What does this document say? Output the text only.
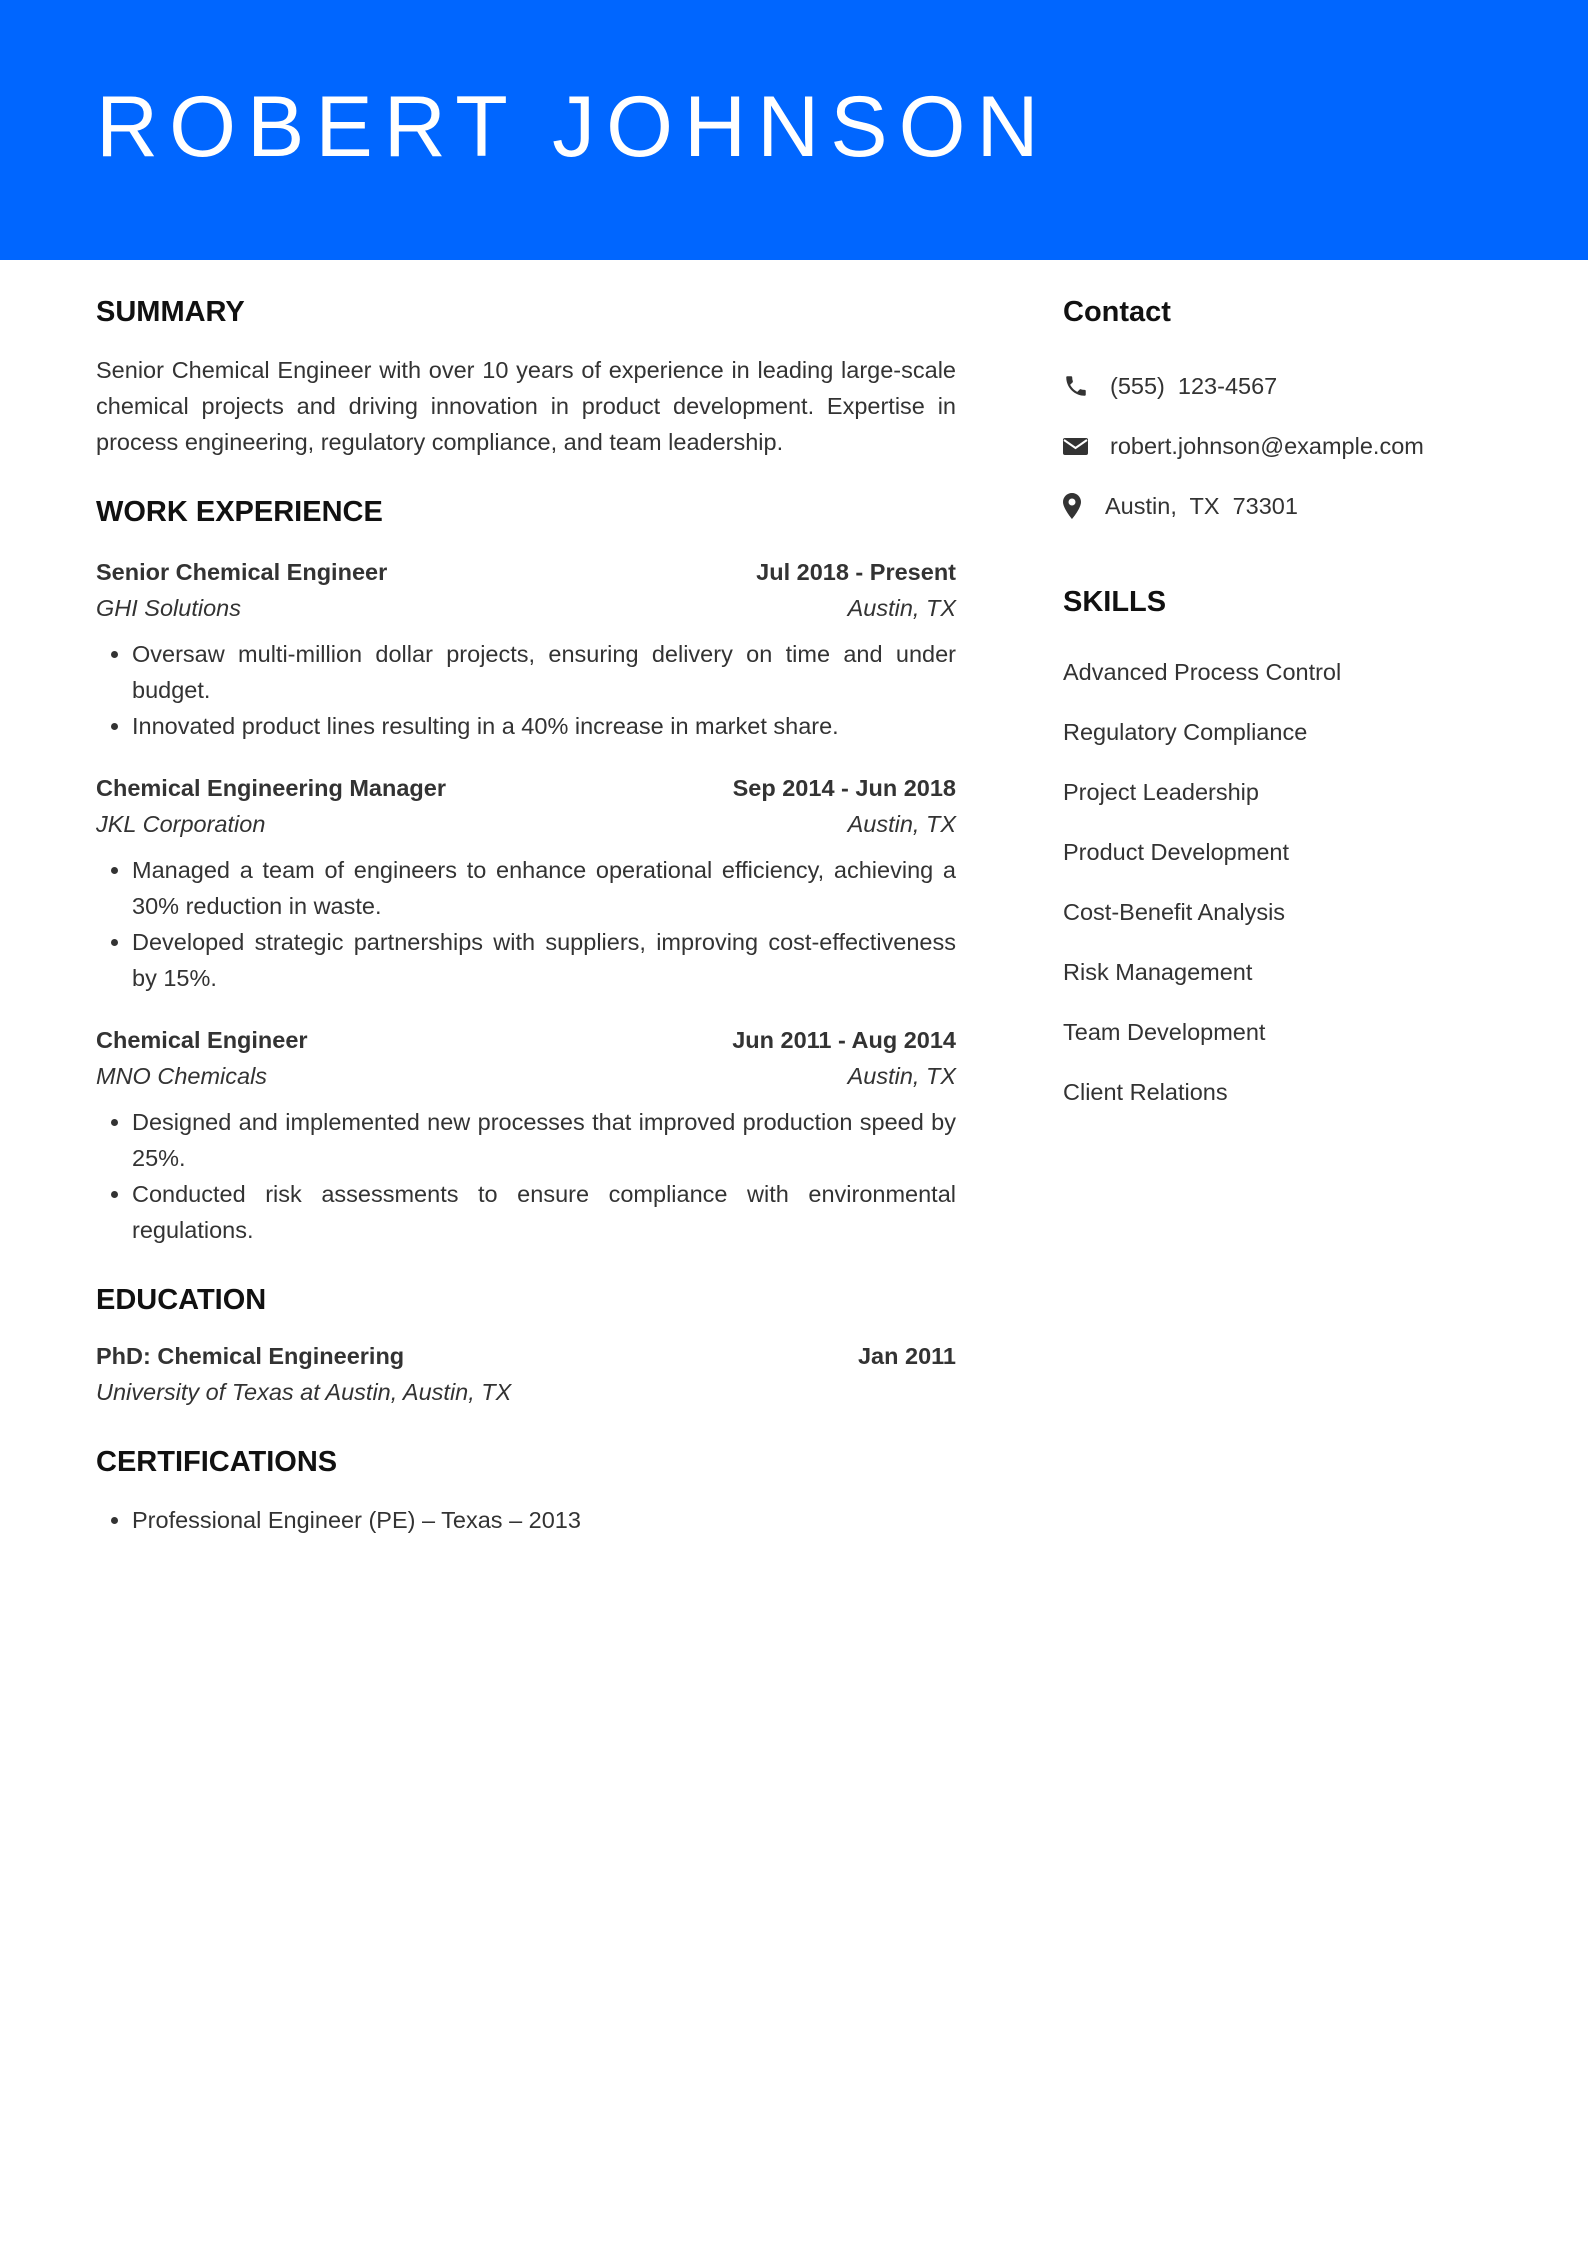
ROBERT JOHNSON
SUMMARY
Senior Chemical Engineer with over 10 years of experience in leading large-scale chemical projects and driving innovation in product development. Expertise in process engineering, regulatory compliance, and team leadership.
WORK EXPERIENCE
Senior Chemical Engineer	Jul 2018 - Present
GHI Solutions	Austin, TX
• Oversaw multi-million dollar projects, ensuring delivery on time and under budget.
• Innovated product lines resulting in a 40% increase in market share.
Chemical Engineering Manager	Sep 2014 - Jun 2018
JKL Corporation	Austin, TX
• Managed a team of engineers to enhance operational efficiency, achieving a 30% reduction in waste.
• Developed strategic partnerships with suppliers, improving cost-effectiveness by 15%.
Chemical Engineer	Jun 2011 - Aug 2014
MNO Chemicals	Austin, TX
• Designed and implemented new processes that improved production speed by 25%.
• Conducted risk assessments to ensure compliance with environmental regulations.
EDUCATION
PhD: Chemical Engineering	Jan 2011
University of Texas at Austin, Austin, TX
CERTIFICATIONS
• Professional Engineer (PE) – Texas – 2013
Contact
(555)  123-4567
robert.johnson@example.com
Austin,  TX  73301
SKILLS
Advanced Process Control
Regulatory Compliance
Project Leadership
Product Development
Cost-Benefit Analysis
Risk Management
Team Development
Client Relations
